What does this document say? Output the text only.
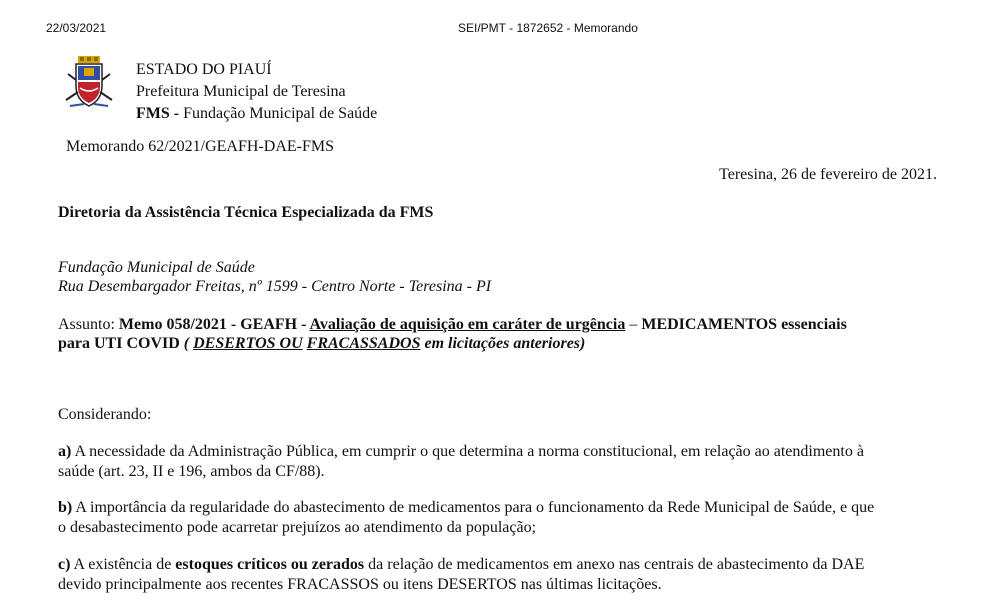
22/03/2021	SEI/PMT - 1872652 - Memorando
ESTADO DO PIAUÍ
Prefeitura Municipal de Teresina
FMS - Fundação Municipal de Saúde
Memorando 62/2021/GEAFH-DAE-FMS
Teresina, 26 de fevereiro de 2021.
Diretoria da Assistência Técnica Especializada da FMS
Fundação Municipal de Saúde
Rua Desembargador Freitas, nº 1599 - Centro Norte - Teresina - PI
Assunto: Memo 058/2021 - GEAFH - Avaliação de aquisição em caráter de urgência – MEDICAMENTOS essenciais
para UTI COVID ( DESERTOS OU FRACASSADOS em licitações anteriores)
Considerando:
a) A necessidade da Administração Pública, em cumprir o que determina a norma constitucional, em relação ao atendimento à
saúde (art. 23, II e 196, ambos da CF/88).
b) A importância da regularidade do abastecimento de medicamentos para o funcionamento da Rede Municipal de Saúde, e que
o desabastecimento pode acarretar prejuízos ao atendimento da população;
c) A existência de estoques críticos ou zerados da relação de medicamentos em anexo nas centrais de abastecimento da DAE
devido principalmente aos recentes FRACASSOS ou itens DESERTOS nas últimas licitações.
